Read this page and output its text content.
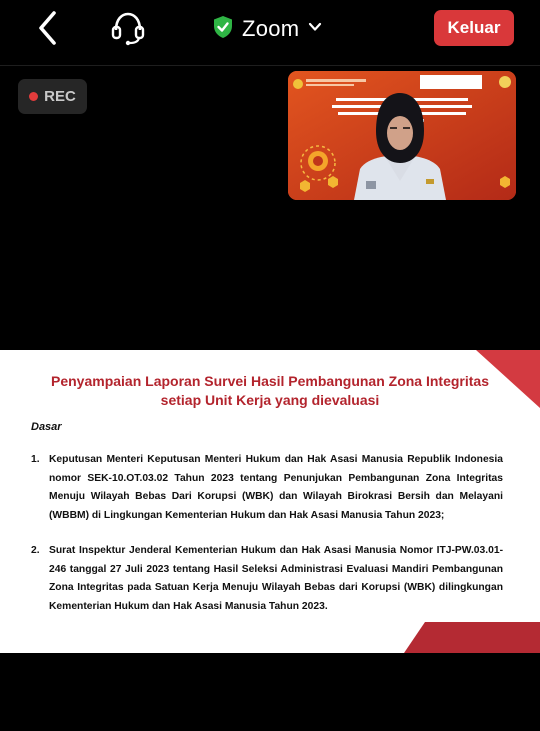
Zoom	Keluar
REC
Penyampaian Laporan Survei Hasil Pembangunan Zona Integritas
setiap Unit Kerja yang dievaluasi
Dasar
1. Keputusan Menteri Keputusan Menteri Hukum dan Hak Asasi Manusia Republik Indonesia nomor SEK-10.OT.03.02 Tahun 2023 tentang Penunjukan Pembangunan Zona Integritas Menuju Wilayah Bebas Dari Korupsi (WBK) dan Wilayah Birokrasi Bersih dan Melayani (WBBM) di Lingkungan Kementerian Hukum dan Hak Asasi Manusia Tahun 2023;
2. Surat Inspektur Jenderal Kementerian Hukum dan Hak Asasi Manusia Nomor ITJ-PW.03.01-246 tanggal 27 Juli 2023 tentang Hasil Seleksi Administrasi Evaluasi Mandiri Pembangunan Zona Integritas pada Satuan Kerja Menuju Wilayah Bebas dari Korupsi (WBK) dilingkungan Kementerian Hukum dan Hak Asasi Manusia Tahun 2023.
